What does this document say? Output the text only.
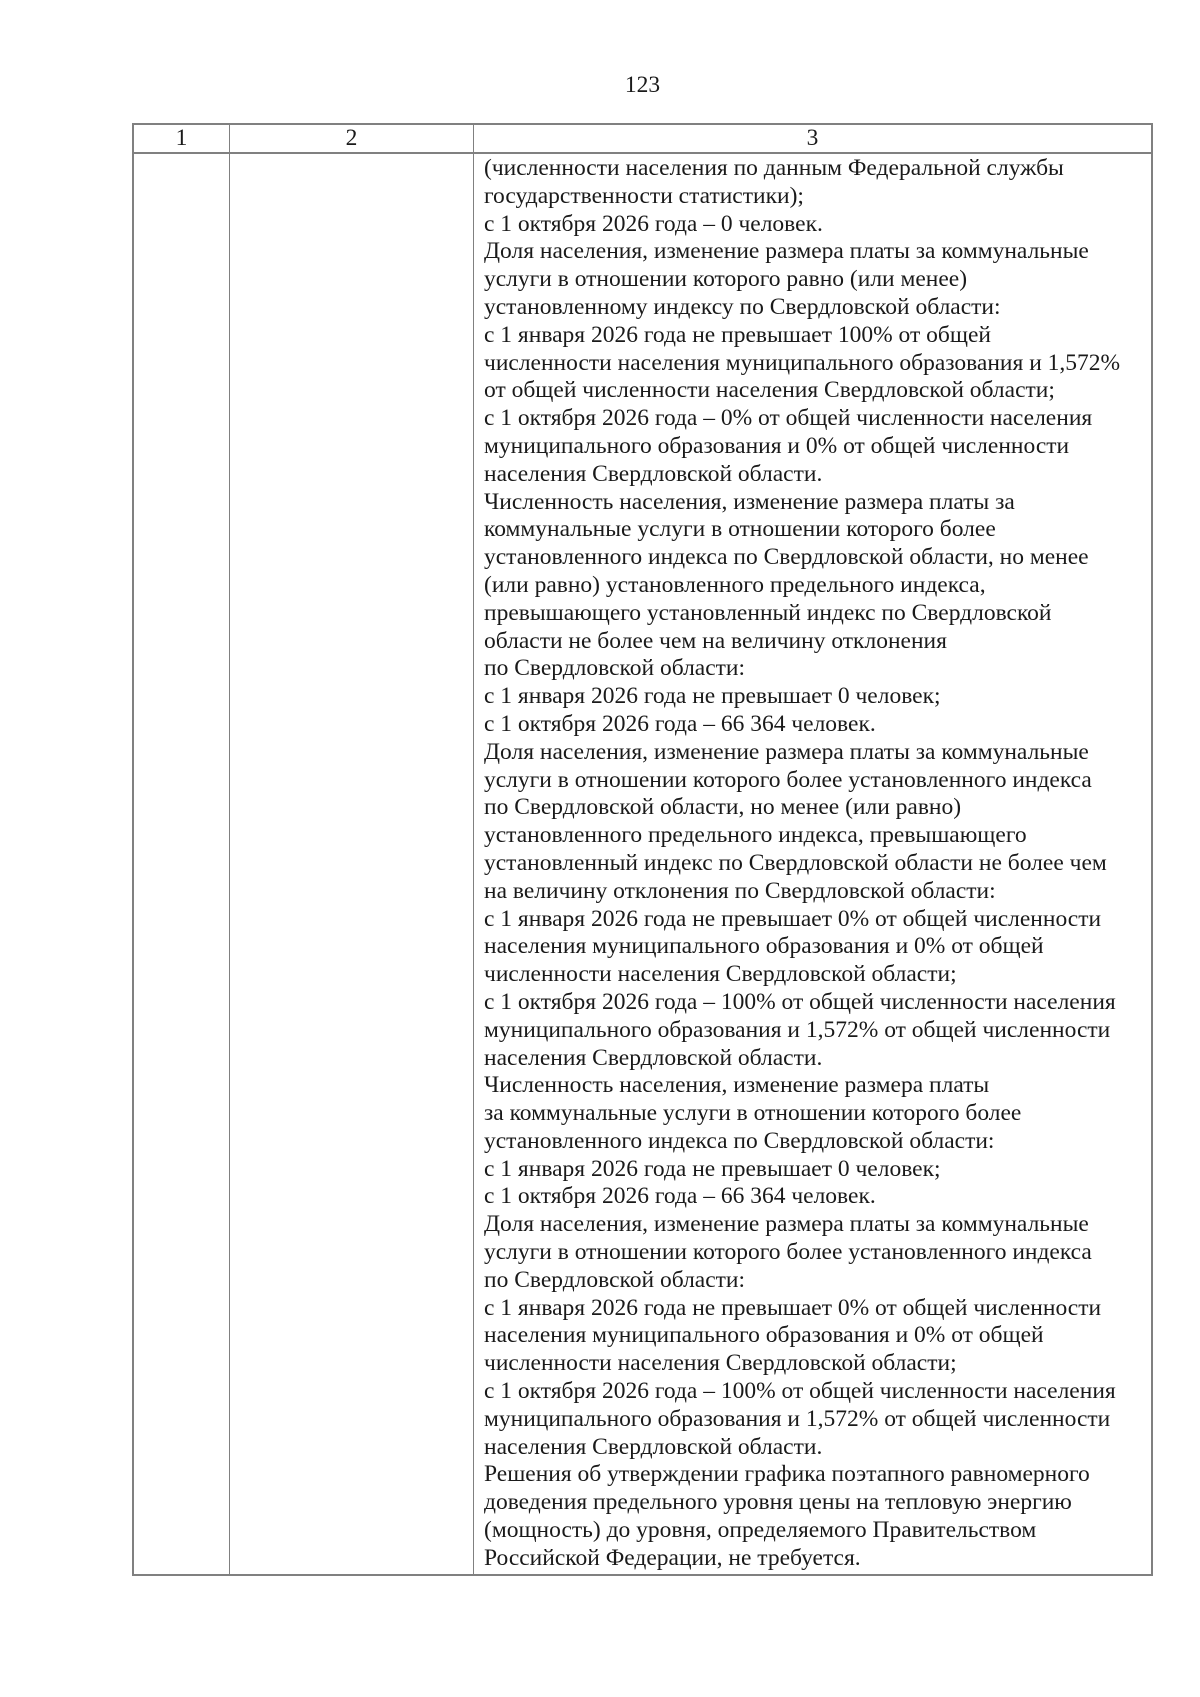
123
1	2	3
(численности населения по данным Федеральной службы
государственности статистики);
с 1 октября 2026 года – 0 человек.
Доля населения, изменение размера платы за коммунальные
услуги в отношении которого равно (или менее)
установленному индексу по Свердловской области:
с 1 января 2026 года не превышает 100% от общей
численности населения муниципального образования и 1,572%
от общей численности населения Свердловской области;
с 1 октября 2026 года – 0% от общей численности населения
муниципального образования и 0% от общей численности
населения Свердловской области.
Численность населения, изменение размера платы за
коммунальные услуги в отношении которого более
установленного индекса по Свердловской области, но менее
(или равно) установленного предельного индекса,
превышающего установленный индекс по Свердловской
области не более чем на величину отклонения
по Свердловской области:
с 1 января 2026 года не превышает 0 человек;
с 1 октября 2026 года – 66 364 человек.
Доля населения, изменение размера платы за коммунальные
услуги в отношении которого более установленного индекса
по Свердловской области, но менее (или равно)
установленного предельного индекса, превышающего
установленный индекс по Свердловской области не более чем
на величину отклонения по Свердловской области:
с 1 января 2026 года не превышает 0% от общей численности
населения муниципального образования и 0% от общей
численности населения Свердловской области;
с 1 октября 2026 года – 100% от общей численности населения
муниципального образования и 1,572% от общей численности
населения Свердловской области.
Численность населения, изменение размера платы
за коммунальные услуги в отношении которого более
установленного индекса по Свердловской области:
с 1 января 2026 года не превышает 0 человек;
с 1 октября 2026 года – 66 364 человек.
Доля населения, изменение размера платы за коммунальные
услуги в отношении которого более установленного индекса
по Свердловской области:
с 1 января 2026 года не превышает 0% от общей численности
населения муниципального образования и 0% от общей
численности населения Свердловской области;
с 1 октября 2026 года – 100% от общей численности населения
муниципального образования и 1,572% от общей численности
населения Свердловской области.
Решения об утверждении графика поэтапного равномерного
доведения предельного уровня цены на тепловую энергию
(мощность) до уровня, определяемого Правительством
Российской Федерации, не требуется.
